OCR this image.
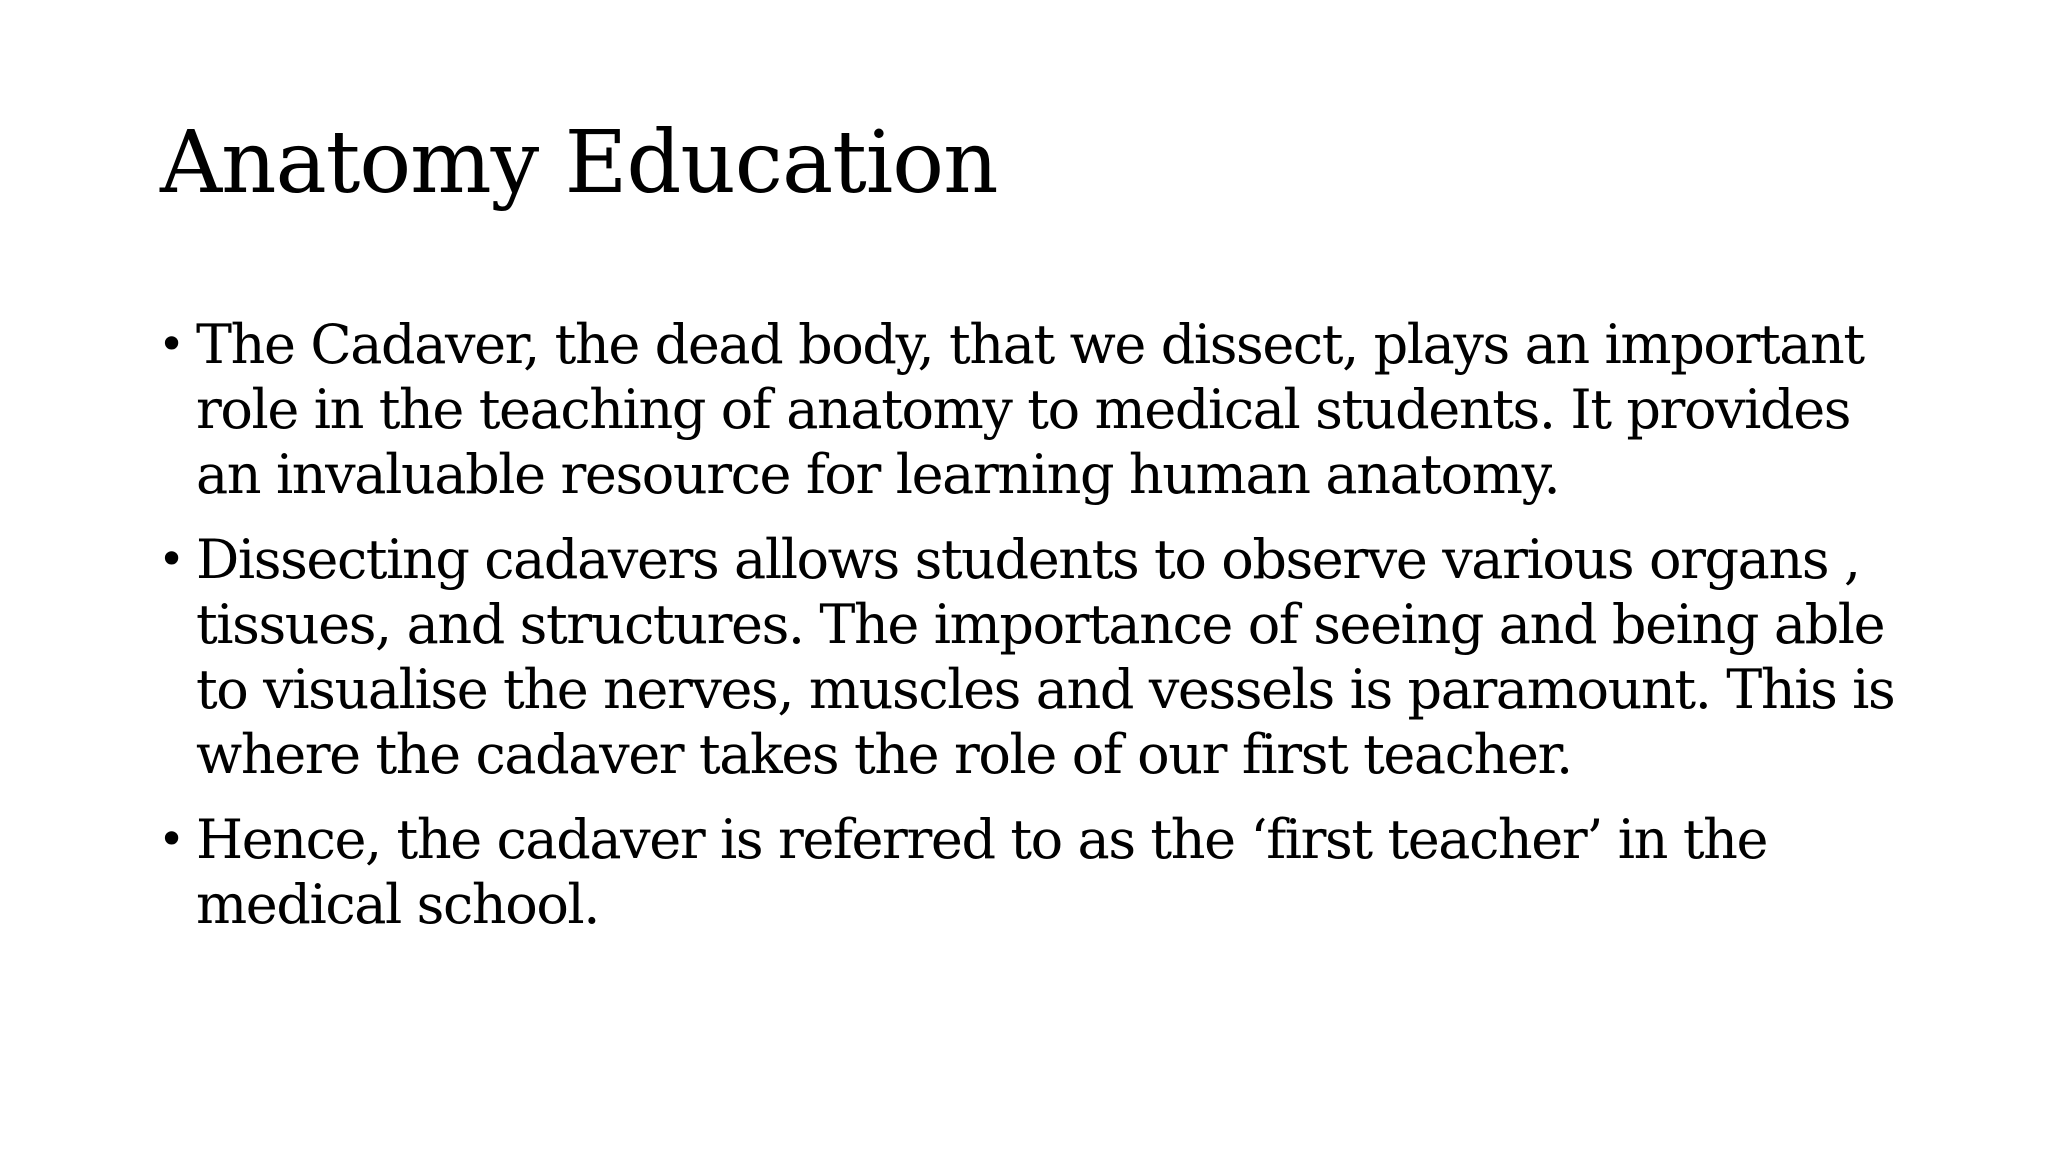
Anatomy Education
• The Cadaver, the dead body, that we dissect, plays an important role in the teaching of anatomy to medical students. It provides an invaluable resource for learning human anatomy.
• Dissecting cadavers allows students to observe various organs , tissues, and structures. The importance of seeing and being able to visualise the nerves, muscles and vessels is paramount. This is where the cadaver takes the role of our first teacher.
• Hence, the cadaver is referred to as the ‘first teacher’ in the medical school.
